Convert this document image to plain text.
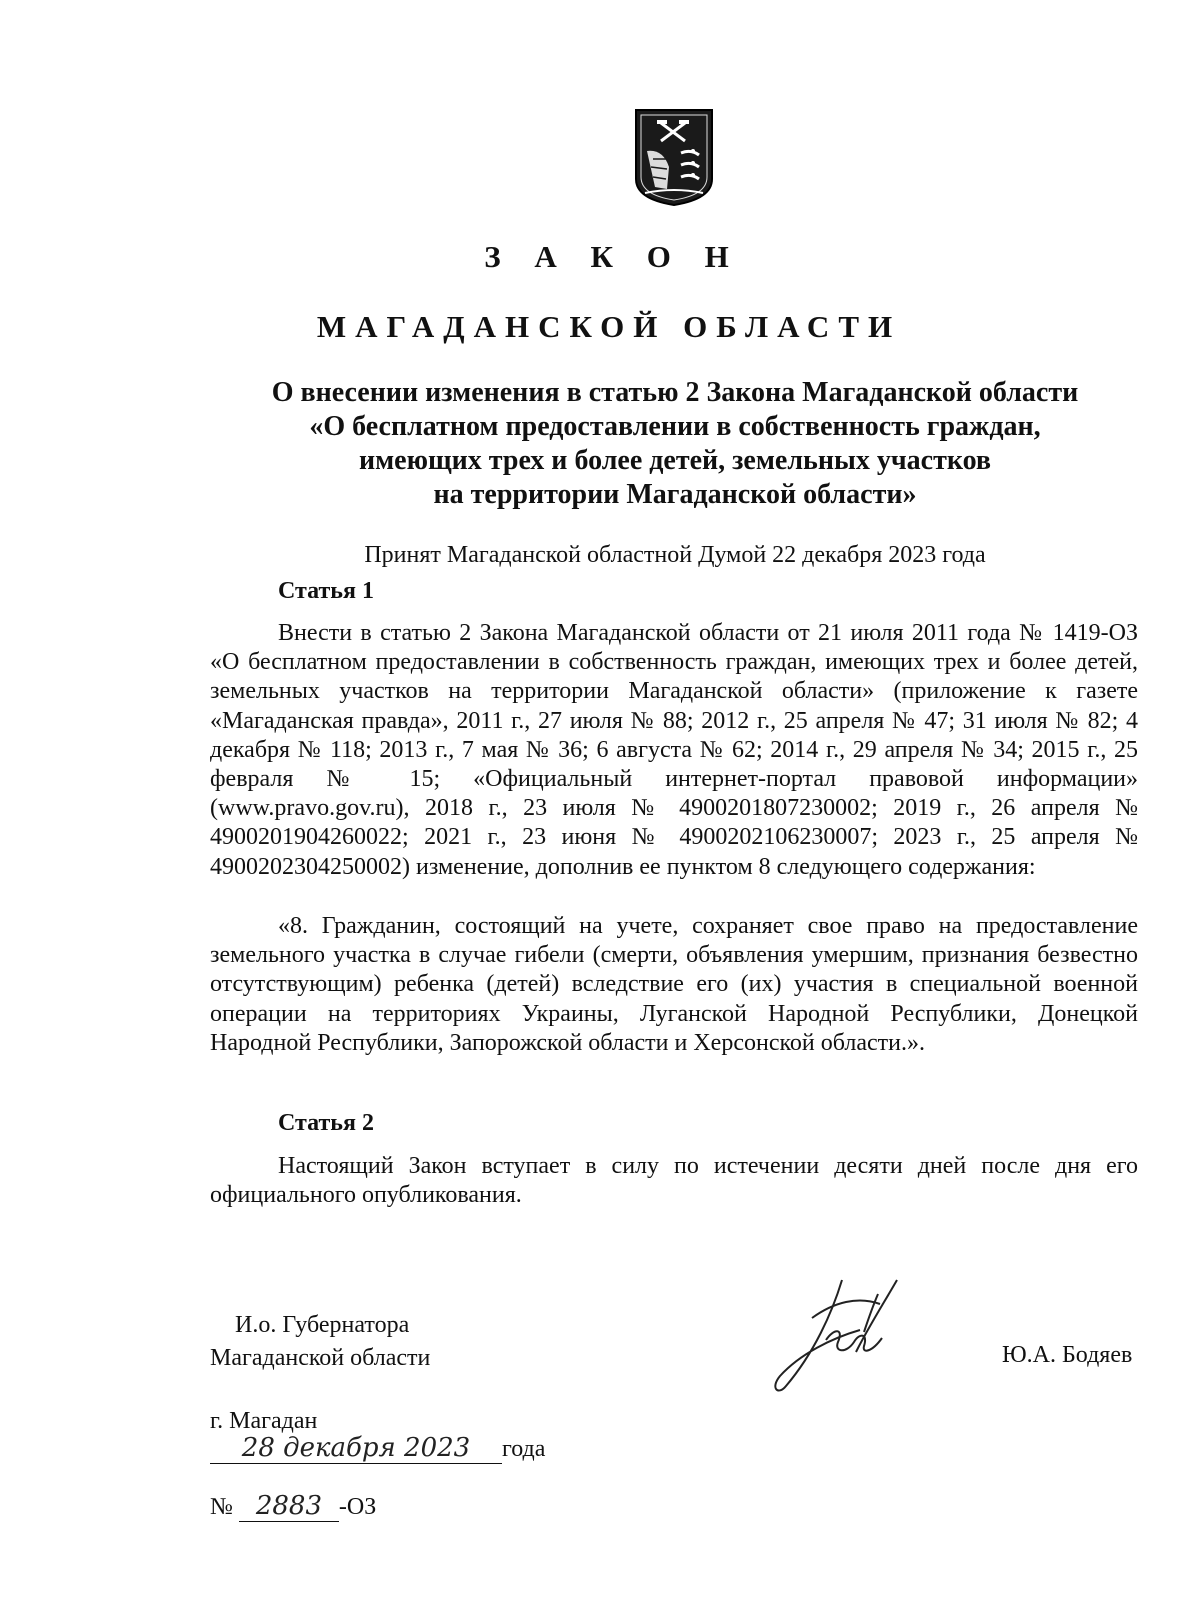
З А К О Н
МАГАДАНСКОЙ ОБЛАСТИ
О внесении изменения в статью 2 Закона Магаданской области
«О бесплатном предоставлении в собственность граждан,
имеющих трех и более детей, земельных участков
на территории Магаданской области»
Принят Магаданской областной Думой 22 декабря 2023 года
Статья 1

Внести в статью 2 Закона Магаданской области от 21 июля 2011 года № 1419-ОЗ «О бесплатном предоставлении в собственность граждан, имеющих трех и более детей, земельных участков на территории Магаданской области» (приложение к газете «Магаданская правда», 2011 г., 27 июля № 88; 2012 г., 25 апреля № 47; 31 июля № 82; 4 декабря № 118; 2013 г., 7 мая № 36; 6 августа № 62; 2014 г., 29 апреля № 34; 2015 г., 25 февраля № 15; «Официальный интернет-портал правовой информации» (www.pravo.gov.ru), 2018 г., 23 июля № 4900201807230002; 2019 г., 26 апреля № 4900201904260022; 2021 г., 23 июня № 4900202106230007; 2023 г., 25 апреля № 4900202304250002) изменение, дополнив ее пунктом 8 следующего содержания:

«8. Гражданин, состоящий на учете, сохраняет свое право на предоставление земельного участка в случае гибели (смерти, объявления умершим, признания безвестно отсутствующим) ребенка (детей) вследствие его (их) участия в специальной военной операции на территориях Украины, Луганской Народной Республики, Донецкой Народной Республики, Запорожской области и Херсонской области.».

Статья 2

Настоящий Закон вступает в силу по истечении десяти дней после дня его официального опубликования.

И.о. Губернатора
Магаданской области	Ю.А. Бодяев
г. Магадан
28 декабря 2023 года
№ 2883 -ОЗ
